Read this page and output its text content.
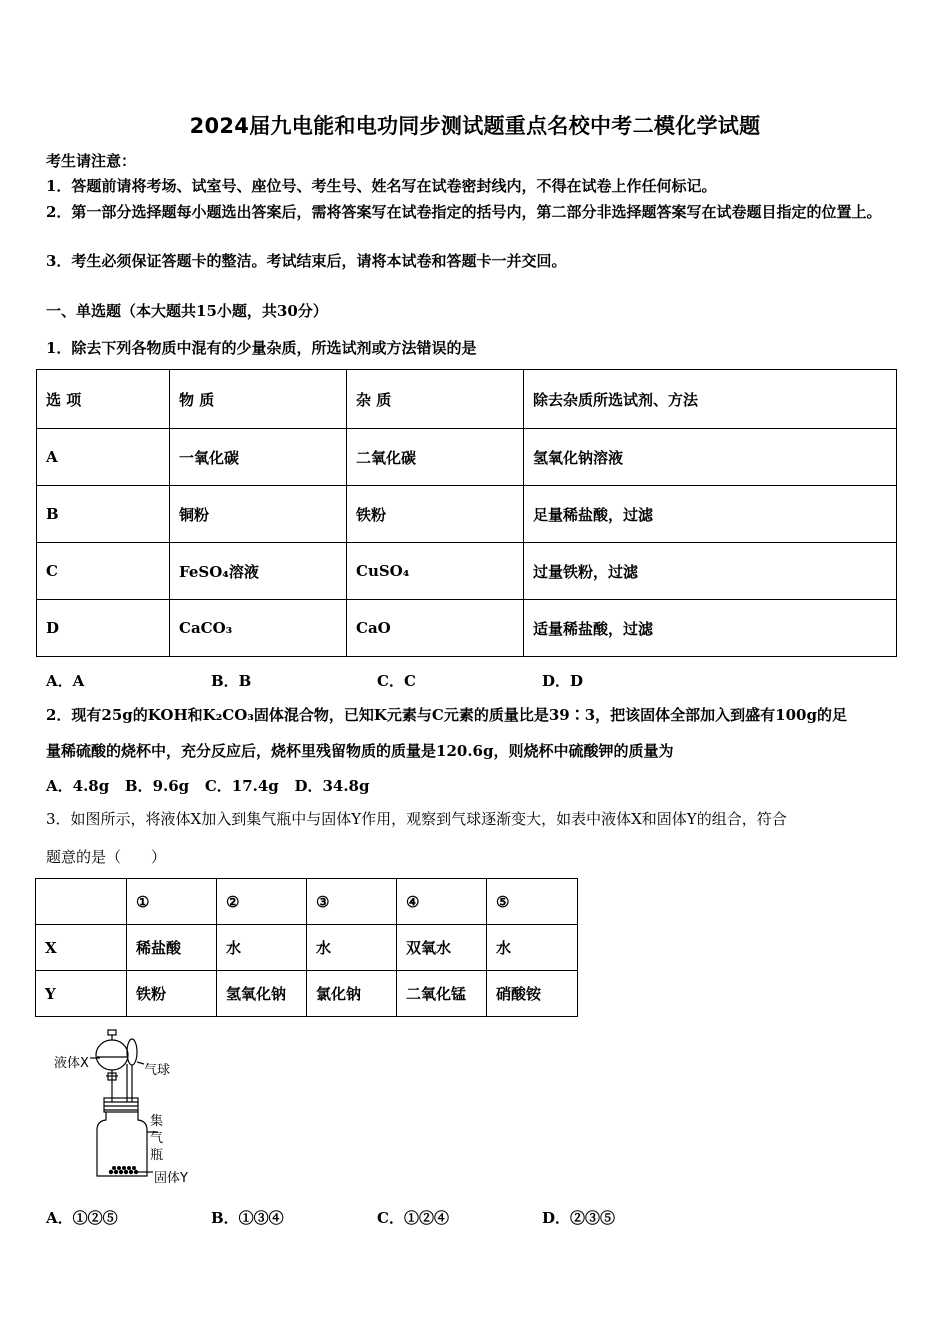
2024届九电能和电功同步测试题重点名校中考二模化学试题
考生请注意：
1．答题前请将考场、试室号、座位号、考生号、姓名写在试卷密封线内，不得在试卷上作任何标记。
2．第一部分选择题每小题选出答案后，需将答案写在试卷指定的括号内，第二部分非选择题答案写在试卷题目指定的位置上。
3．考生必须保证答题卡的整洁。考试结束后，请将本试卷和答题卡一并交回。
一、单选题（本大题共15小题，共30分）
1．除去下列各物质中混有的少量杂质，所选试剂或方法错误的是
选 项	物 质	杂 质	除去杂质所选试剂、方法
A	一氧化碳	二氧化碳	氢氧化钠溶液
B	铜粉	铁粉	足量稀盐酸，过滤
C	FeSO₄溶液	CuSO₄	过量铁粉，过滤
D	CaCO₃	CaO	适量稀盐酸，过滤
A．A	B．B	C．C	D．D
2．现有25g的KOH和K₂CO₃固体混合物，已知K元素与C元素的质量比是39∶3，把该固体全部加入到盛有100g的足
量稀硫酸的烧杯中，充分反应后，烧杯里残留物质的质量是120.6g，则烧杯中硫酸钾的质量为
A．4.8g   B．9.6g   C．17.4g   D．34.8g
3．如图所示，将液体X加入到集气瓶中与固体Y作用，观察到气球逐渐变大，如表中液体X和固体Y的组合，符合
题意的是（　　）
	①	②	③	④	⑤
X	稀盐酸	水	水	双氧水	水
Y	铁粉	氢氧化钠	氯化钠	二氧化锰	硝酸铵
液体X	气球
集
气
瓶
固体Y
A．①②⑤	B．①③④	C．①②④	D．②③⑤
